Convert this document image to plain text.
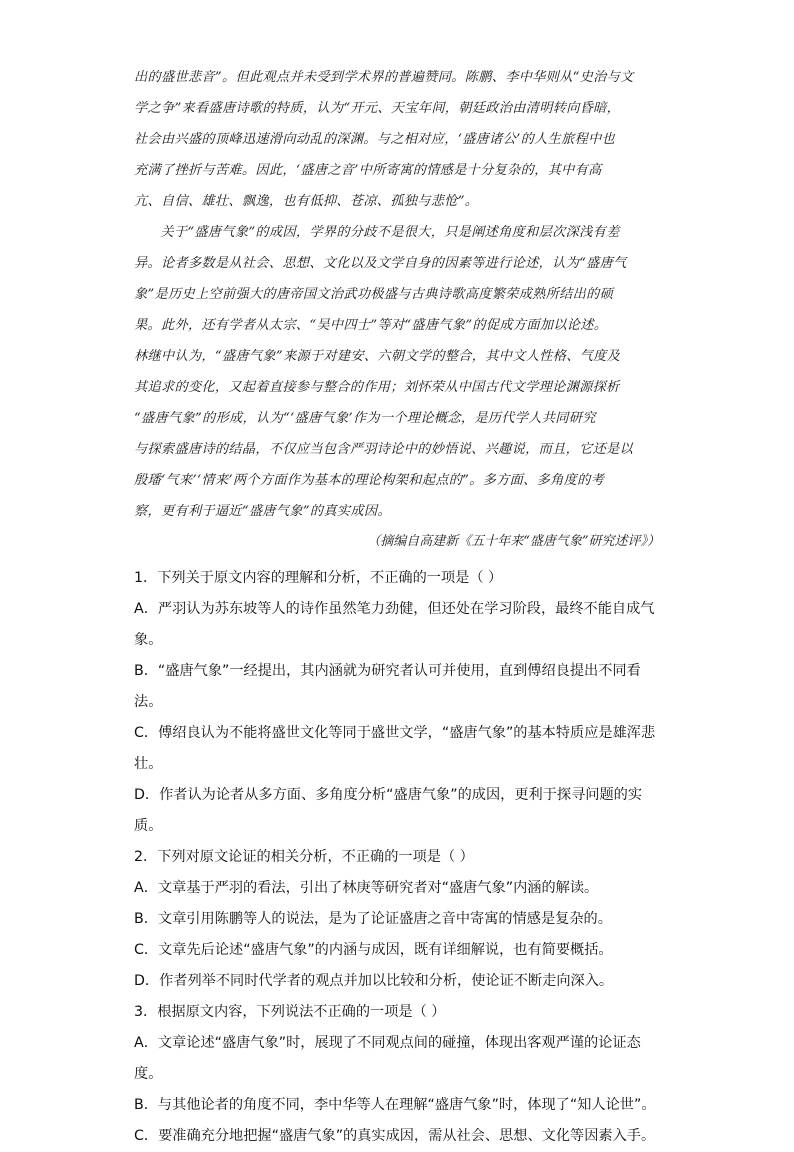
出的盛世悲音”。但此观点并未受到学术界的普遍赞同。陈鹏、李中华则从“史治与文
学之争”来看盛唐诗歌的特质，认为“开元、天宝年间，朝廷政治由清明转向昏暗，
社会由兴盛的顶峰迅速滑向动乱的深渊。与之相对应，‘盛唐诸公’的人生旅程中也
充满了挫折与苦难。因此，‘盛唐之音’中所寄寓的情感是十分复杂的，其中有高
亢、自信、雄壮、飘逸，也有低抑、苍凉、孤独与悲怆”。

关于“盛唐气象”的成因，学界的分歧不是很大，只是阐述角度和层次深浅有差
异。论者多数是从社会、思想、文化以及文学自身的因素等进行论述，认为“盛唐气
象”是历史上空前强大的唐帝国文治武功极盛与古典诗歌高度繁荣成熟所结出的硕
果。此外，还有学者从太宗、“吴中四士”等对“盛唐气象”的促成方面加以论述。
林继中认为，“盛唐气象”来源于对建安、六朝文学的整合，其中文人性格、气度及
其追求的变化，又起着直接参与整合的作用；刘怀荣从中国古代文学理论渊源探析
“盛唐气象”的形成，认为“‘盛唐气象’作为一个理论概念，是历代学人共同研究
与探索盛唐诗的结晶，不仅应当包含严羽诗论中的妙悟说、兴趣说，而且，它还是以
殷璠‘气来’‘情来’两个方面作为基本的理论构架和起点的”。多方面、多角度的考
察，更有利于逼近“盛唐气象”的真实成因。

（摘编自高建新《五十年来“盛唐气象”研究述评》）

1．下列关于原文内容的理解和分析，不正确的一项是（ ）

A．严羽认为苏东坡等人的诗作虽然笔力劲健，但还处在学习阶段，最终不能自成气象。

B．“盛唐气象”一经提出，其内涵就为研究者认可并使用，直到傅绍良提出不同看法。

C．傅绍良认为不能将盛世文化等同于盛世文学，“盛唐气象”的基本特质应是雄浑悲壮。

D．作者认为论者从多方面、多角度分析“盛唐气象”的成因，更利于探寻问题的实质。

2．下列对原文论证的相关分析，不正确的一项是（ ）

A．文章基于严羽的看法，引出了林庚等研究者对“盛唐气象”内涵的解读。

B．文章引用陈鹏等人的说法，是为了论证盛唐之音中寄寓的情感是复杂的。

C．文章先后论述“盛唐气象”的内涵与成因，既有详细解说，也有简要概括。

D．作者列举不同时代学者的观点并加以比较和分析，使论证不断走向深入。

3．根据原文内容，下列说法不正确的一项是（ ）

A．文章论述“盛唐气象”时，展现了不同观点间的碰撞，体现出客观严谨的论证态度。

B．与其他论者的角度不同，李中华等人在理解“盛唐气象”时，体现了“知人论世”。

C．要准确充分地把握“盛唐气象”的真实成因，需从社会、思想、文化等因素入手。
